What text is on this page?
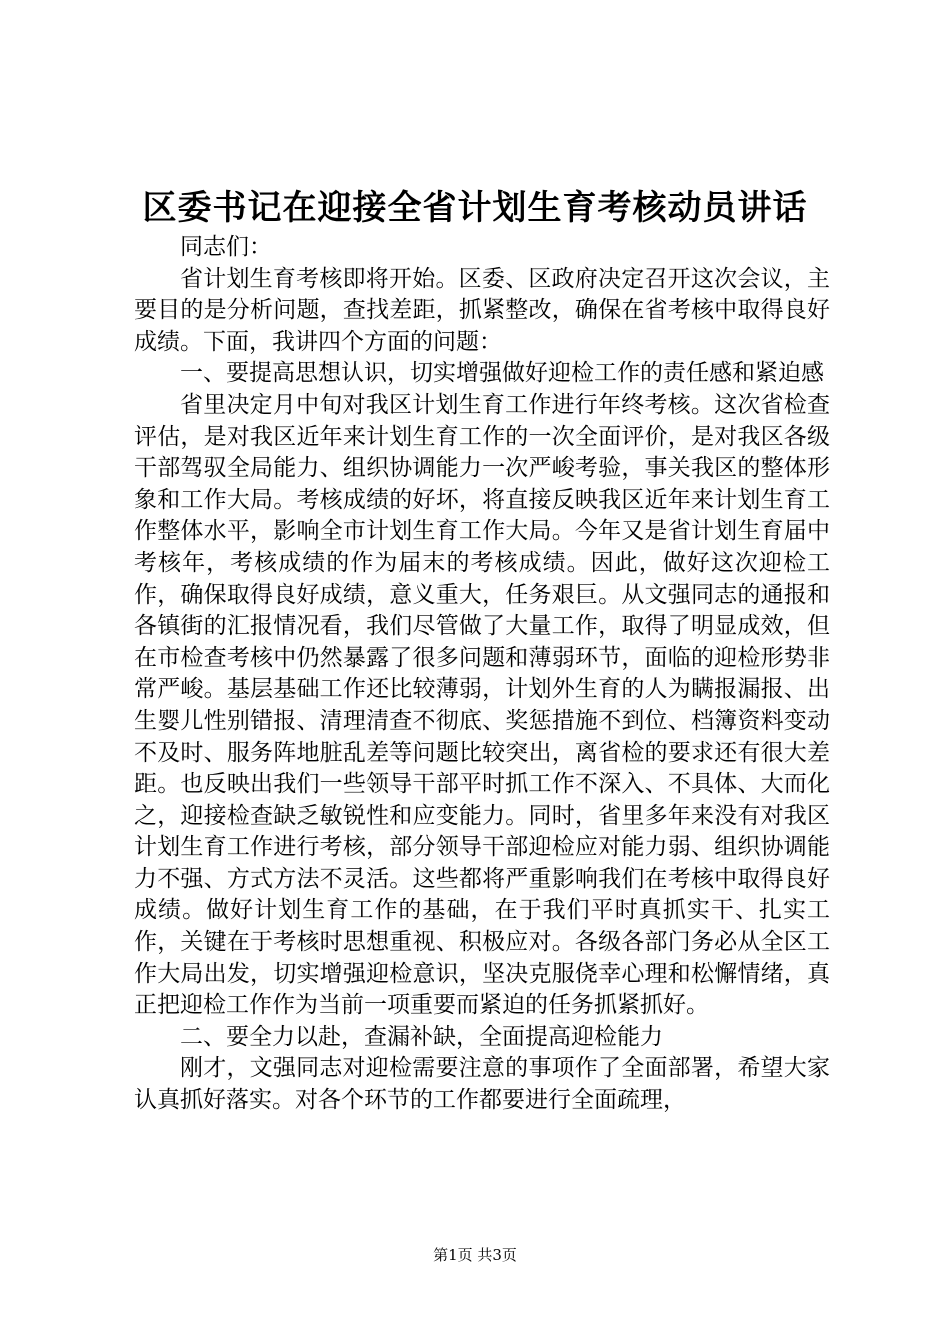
区委书记在迎接全省计划生育考核动员讲话

同志们：

省计划生育考核即将开始。区委、区政府决定召开这次会议，主要目的是分析问题，查找差距，抓紧整改，确保在省考核中取得良好成绩。下面，我讲四个方面的问题：

一、要提高思想认识，切实增强做好迎检工作的责任感和紧迫感

省里决定月中旬对我区计划生育工作进行年终考核。这次省检查评估，是对我区近年来计划生育工作的一次全面评价，是对我区各级干部驾驭全局能力、组织协调能力一次严峻考验，事关我区的整体形象和工作大局。考核成绩的好坏，将直接反映我区近年来计划生育工作整体水平，影响全市计划生育工作大局。今年又是省计划生育届中考核年，考核成绩的作为届末的考核成绩。因此，做好这次迎检工作，确保取得良好成绩，意义重大，任务艰巨。从文强同志的通报和各镇街的汇报情况看，我们尽管做了大量工作，取得了明显成效，但在市检查考核中仍然暴露了很多问题和薄弱环节，面临的迎检形势非常严峻。基层基础工作还比较薄弱，计划外生育的人为瞒报漏报、出生婴儿性别错报、清理清查不彻底、奖惩措施不到位、档簿资料变动不及时、服务阵地脏乱差等问题比较突出，离省检的要求还有很大差距。也反映出我们一些领导干部平时抓工作不深入、不具体、大而化之，迎接检查缺乏敏锐性和应变能力。同时，省里多年来没有对我区计划生育工作进行考核，部分领导干部迎检应对能力弱、组织协调能力不强、方式方法不灵活。这些都将严重影响我们在考核中取得良好成绩。做好计划生育工作的基础，在于我们平时真抓实干、扎实工作，关键在于考核时思想重视、积极应对。各级各部门务必从全区工作大局出发，切实增强迎检意识，坚决克服侥幸心理和松懈情绪，真正把迎检工作作为当前一项重要而紧迫的任务抓紧抓好。

二、要全力以赴，查漏补缺，全面提高迎检能力

刚才，文强同志对迎检需要注意的事项作了全面部署，希望大家认真抓好落实。对各个环节的工作都要进行全面疏理，

第1页 共3页
